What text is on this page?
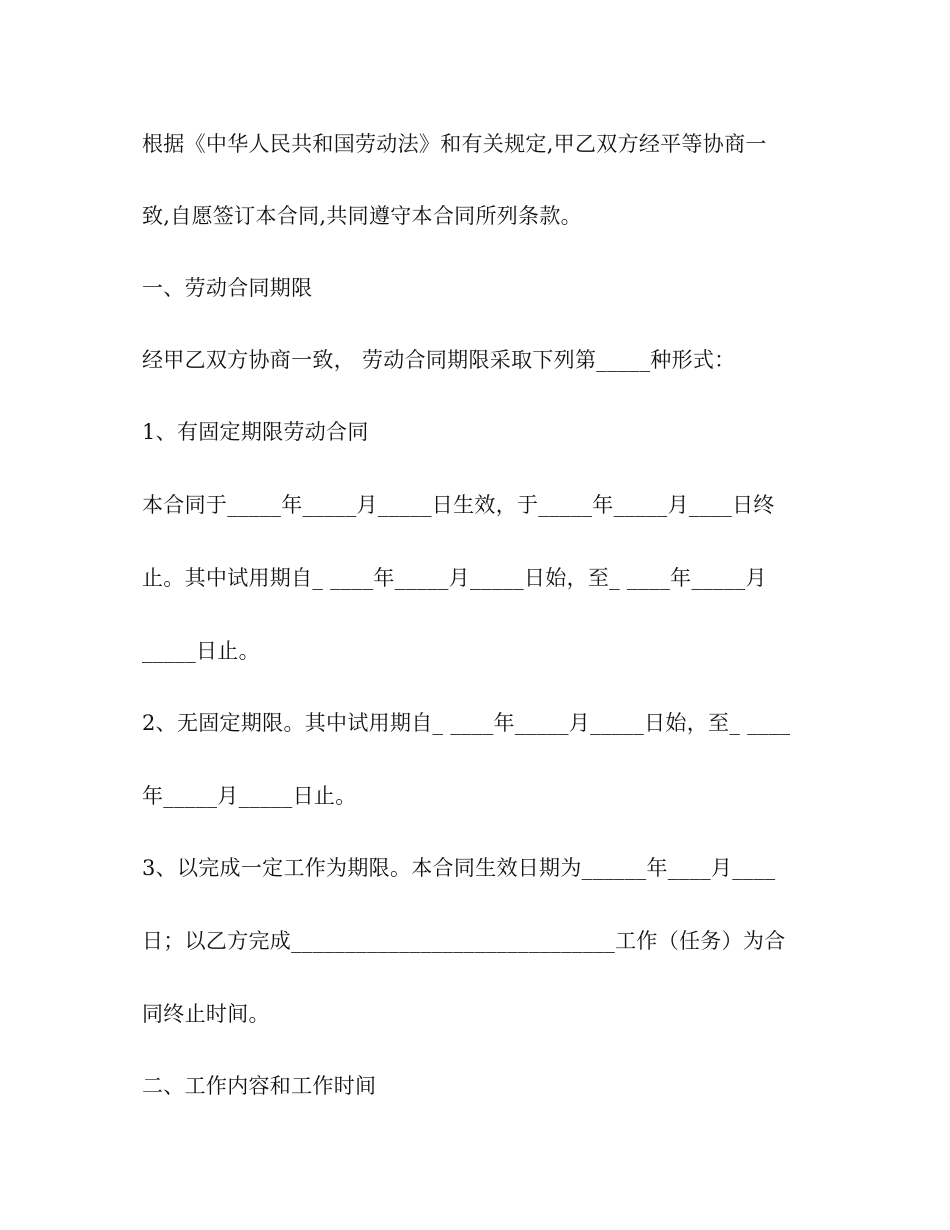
根据《中华人民共和国劳动法》和有关规定,甲乙双方经平等协商一
致,自愿签订本合同,共同遵守本合同所列条款。
一、劳动合同期限
经甲乙双方协商一致， 劳动合同期限采取下列第_____种形式：
1、有固定期限劳动合同
本合同于_____年_____月_____日生效，于_____年_____月____日终
止。其中试用期自_ ____年_____月_____日始，至_ ____年_____月
_____日止。
2、无固定期限。其中试用期自_ ____年_____月_____日始，至_ ____
年_____月_____日止。
3、以完成一定工作为期限。本合同生效日期为______年____月____
日；以乙方完成______________________________工作（任务）为合
同终止时间。
二、工作内容和工作时间
